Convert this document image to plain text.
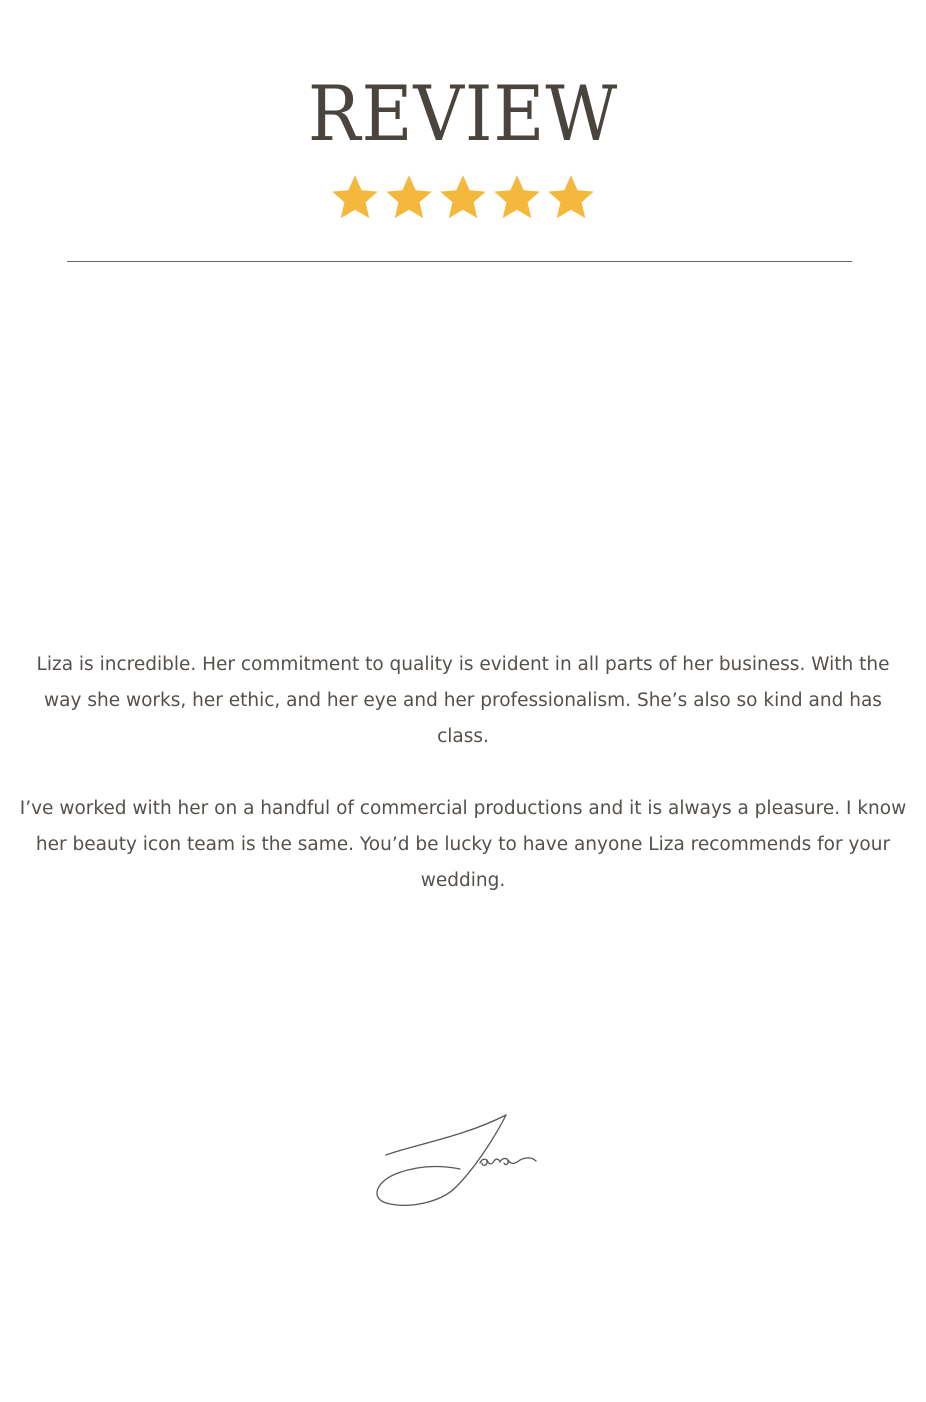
REVIEW

Liza is incredible. Her commitment to quality is evident in all parts of her business. With the way she works, her ethic, and her eye and her professionalism. She’s also so kind and has class.

I’ve worked with her on a handful of commercial productions and it is always a pleasure. I know her beauty icon team is the same. You’d be lucky to have anyone Liza recommends for your wedding.
